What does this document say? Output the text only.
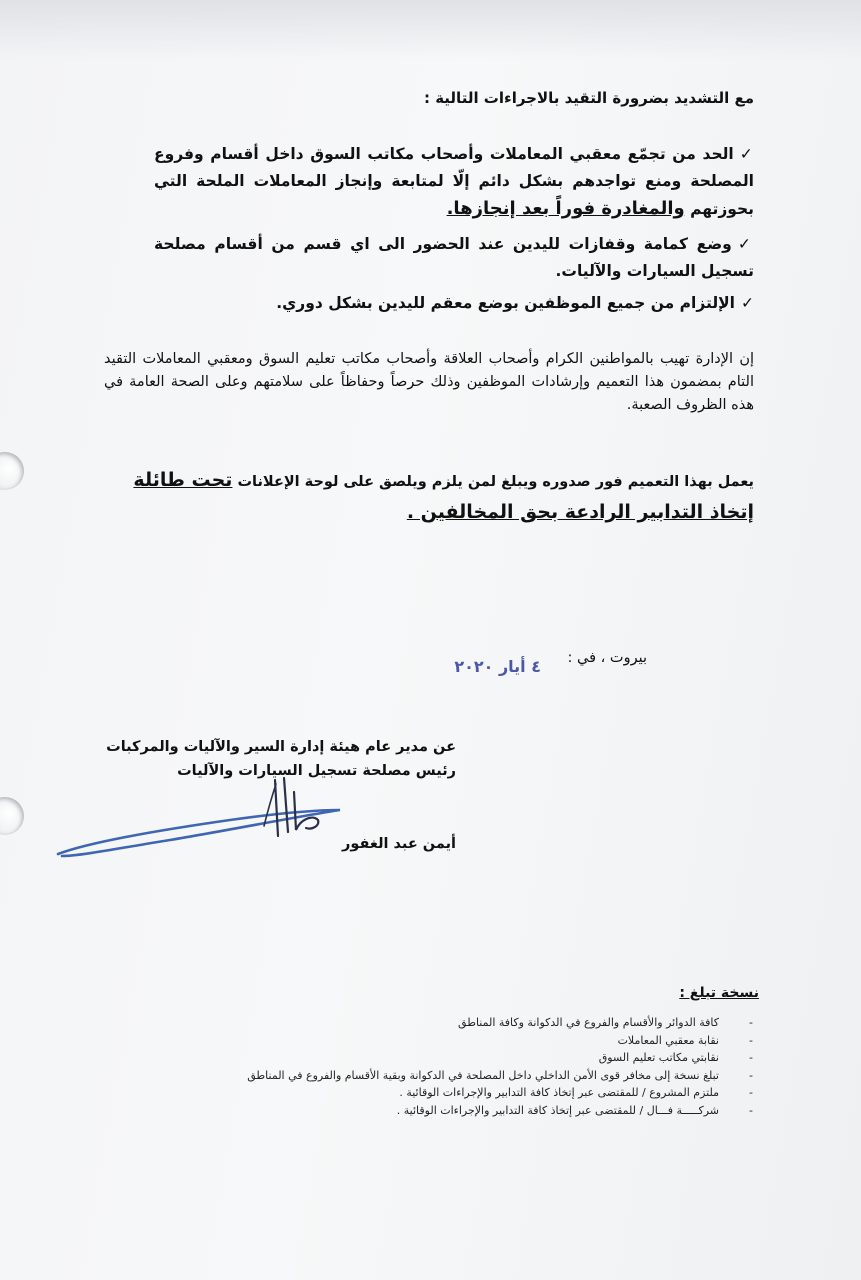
مع التشديد بضرورة التقيد بالاجراءات التالية :
✓الحد من تجمّع معقبي المعاملات وأصحاب مكاتب السوق داخل أقسام وفروع المصلحة ومنع تواجدهم بشكل دائم إلّا لمتابعة وإنجاز المعاملات الملحة التي بحوزتهم والمغادرة فوراً بعد إنجازها.
✓وضع كمامة وقفازات لليدين عند الحضور الى اي قسم من أقسام مصلحة تسجيل السيارات والآليات.
✓الإلتزام من جميع الموظفين بوضع معقم لليدين بشكل دوري.
إن الإدارة تهيب بالمواطنين الكرام وأصحاب العلاقة وأصحاب مكاتب تعليم السوق ومعقبي المعاملات التقيد التام بمضمون هذا التعميم وإرشادات الموظفين وذلك حرصاً وحفاظاً على سلامتهم وعلى الصحة العامة في هذه الظروف الصعبة.
يعمل بهذا التعميم فور صدوره ويبلغ لمن يلزم ويلصق على لوحة الإعلانات تحت طائلة إتخاذ التدابير الرادعة بحق المخالفين .
بيروت ، في :
٤ أيار ٢٠٢٠
عن مدير عام هيئة إدارة السير والآليات والمركبات
رئيس مصلحة تسجيل السيارات والآليات
أيمن عبد الغفور
نسخة تبلغ :
-كافة الدوائر والأقسام والفروع في الدكوانة وكافة المناطق
-نقابة معقبي المعاملات
-نقابتي مكاتب تعليم السوق
-تبلغ نسخة إلى مخافر قوى الأمن الداخلي داخل المصلحة في الدكوانة وبقية الأقسام والفروع في المناطق
-ملتزم المشروع / للمقتضى عبر إتخاذ كافة التدابير والإجراءات الوقائية .
-شركـــــة فـــال / للمقتضى عبر إتخاذ كافة التدابير والإجراءات الوقائية .
